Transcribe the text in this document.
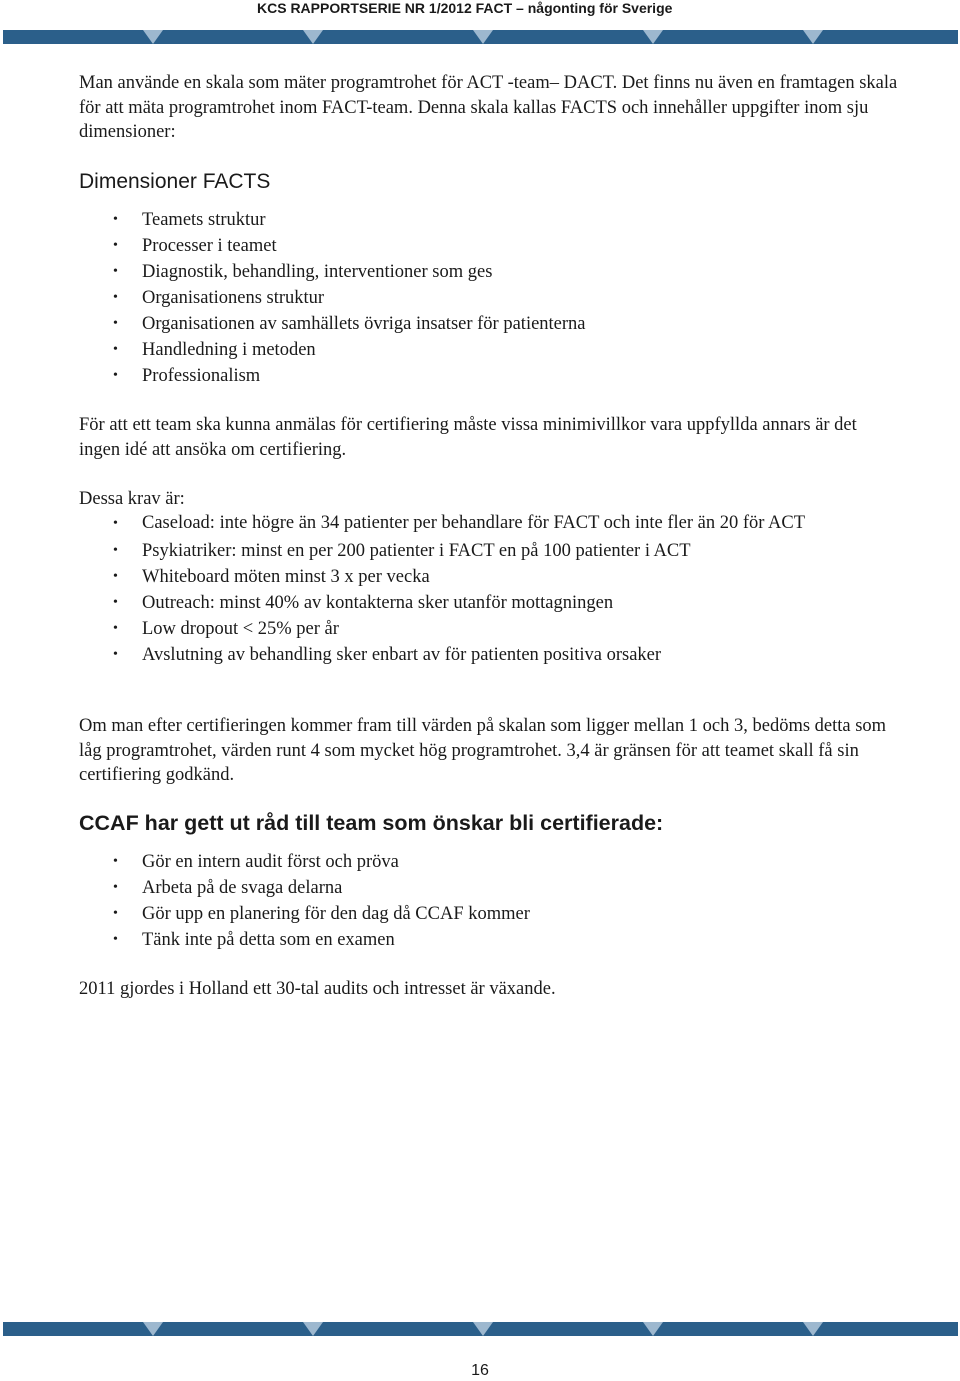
KCS RAPPORTSERIE NR 1/2012 FACT – någonting för Sverige

Man använde en skala som mäter programtrohet för ACT -team– DACT. Det finns nu även en framtagen skala för att mäta programtrohet inom FACT-team. Denna skala kallas FACTS och innehåller uppgifter inom sju dimensioner:

Dimensioner FACTS
• Teamets struktur
• Processer i teamet
• Diagnostik, behandling, interventioner som ges
• Organisationens struktur
• Organisationen av samhällets övriga insatser för patienterna
• Handledning i metoden
• Professionalism

För att ett team ska kunna anmälas för certifiering måste vissa minimivillkor vara uppfyllda annars är det ingen idé att ansöka om certifiering.

Dessa krav är:

• Caseload: inte högre än 34 patienter per behandlare för FACT och inte fler än 20 för ACT
• Psykiatriker: minst en per 200 patienter i FACT en på 100 patienter i ACT
• Whiteboard möten minst 3 x per vecka
• Outreach: minst 40% av kontakterna sker utanför mottagningen
• Low dropout < 25% per år
• Avslutning av behandling sker enbart av för patienten positiva orsaker

Om man efter certifieringen kommer fram till värden på skalan som ligger mellan 1 och 3, bedöms detta som låg programtrohet, värden runt 4 som mycket hög programtrohet. 3,4 är gränsen för att teamet skall få sin certifiering godkänd.

CCAF har gett ut råd till team som önskar bli certifierade:
• Gör en intern audit först och pröva
• Arbeta på de svaga delarna
• Gör upp en planering för den dag då CCAF kommer
• Tänk inte på detta som en examen

2011 gjordes i Holland ett 30-tal audits och intresset är växande.

16
